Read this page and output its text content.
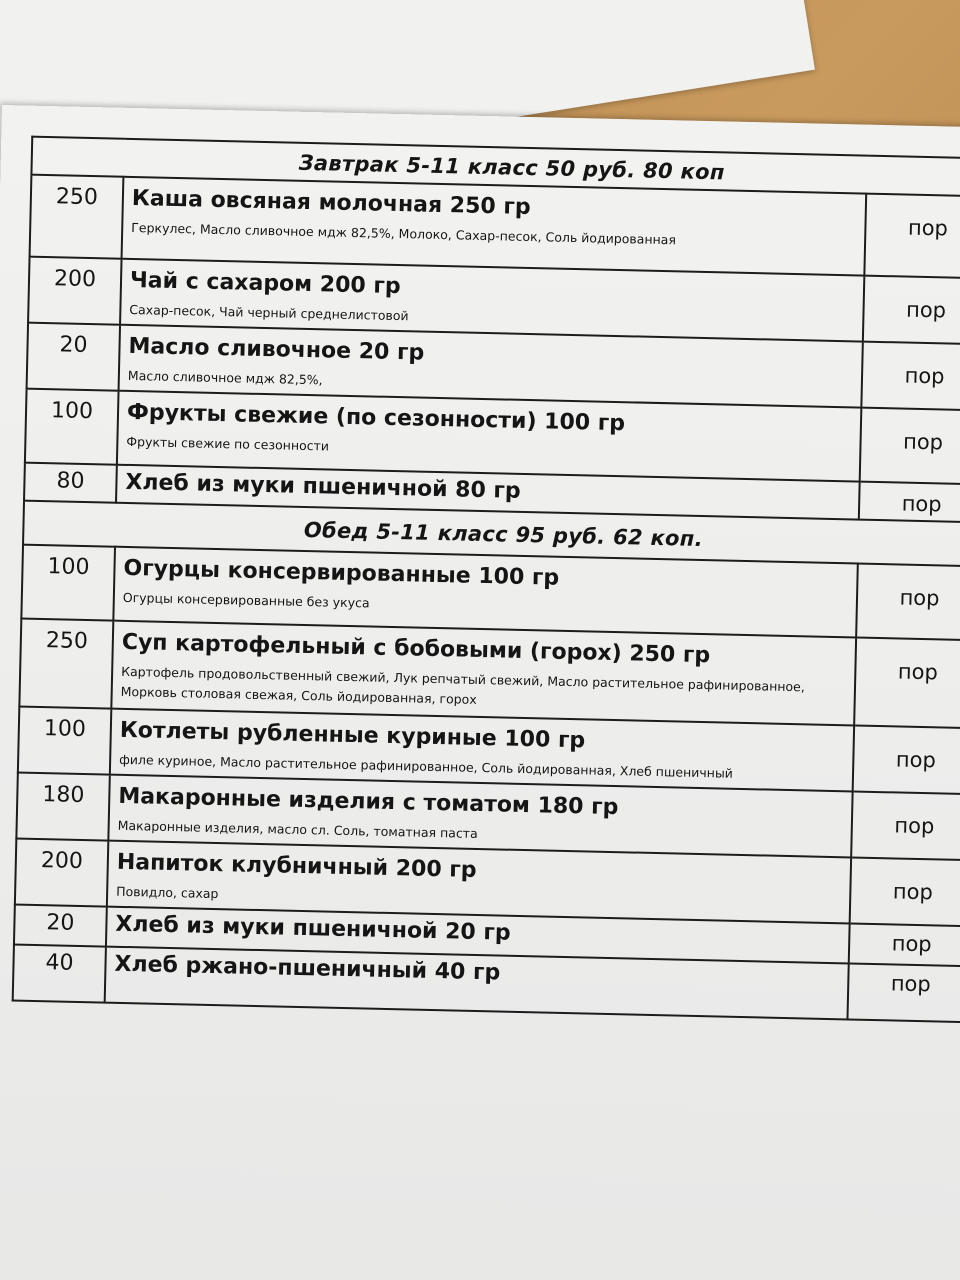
Завтрак 5-11 класс 50 руб. 80 коп		
250	Каша овсяная молочная 250 гр
Геркулес, Масло сливочное мдж 82,5%, Молоко, Сахар-песок, Соль йодированная	пор
200	Чай с сахаром 200 гр
Сахар-песок, Чай черный среднелистовой	пор
20	Масло сливочное 20 гр
Масло сливочное мдж 82,5%,	пор
100	Фрукты свежие (по сезонности) 100 гр
Фрукты свежие по сезонности	пор
80	Хлеб из муки пшеничной 80 гр	пор
Обед 5-11 класс 95 руб. 62 коп.		
100	Огурцы консервированные 100 гр
Огурцы консервированные без укуса	пор
250	Суп картофельный с бобовыми (горох) 250 гр
Картофель продовольственный свежий, Лук репчатый свежий, Масло растительное рафинированное, Морковь столовая свежая, Соль йодированная, горох	пор
100	Котлеты рубленные куриные 100 гр
филе куриное, Масло растительное рафинированное, Соль йодированная, Хлеб пшеничный	пор
180	Макаронные изделия с томатом 180 гр
Макаронные изделия, масло сл. Соль, томатная паста	пор
200	Напиток клубничный 200 гр
Повидло, сахар	пор
20	Хлеб из муки пшеничной 20 гр	пор
40	Хлеб ржано-пшеничный 40 гр	пор
